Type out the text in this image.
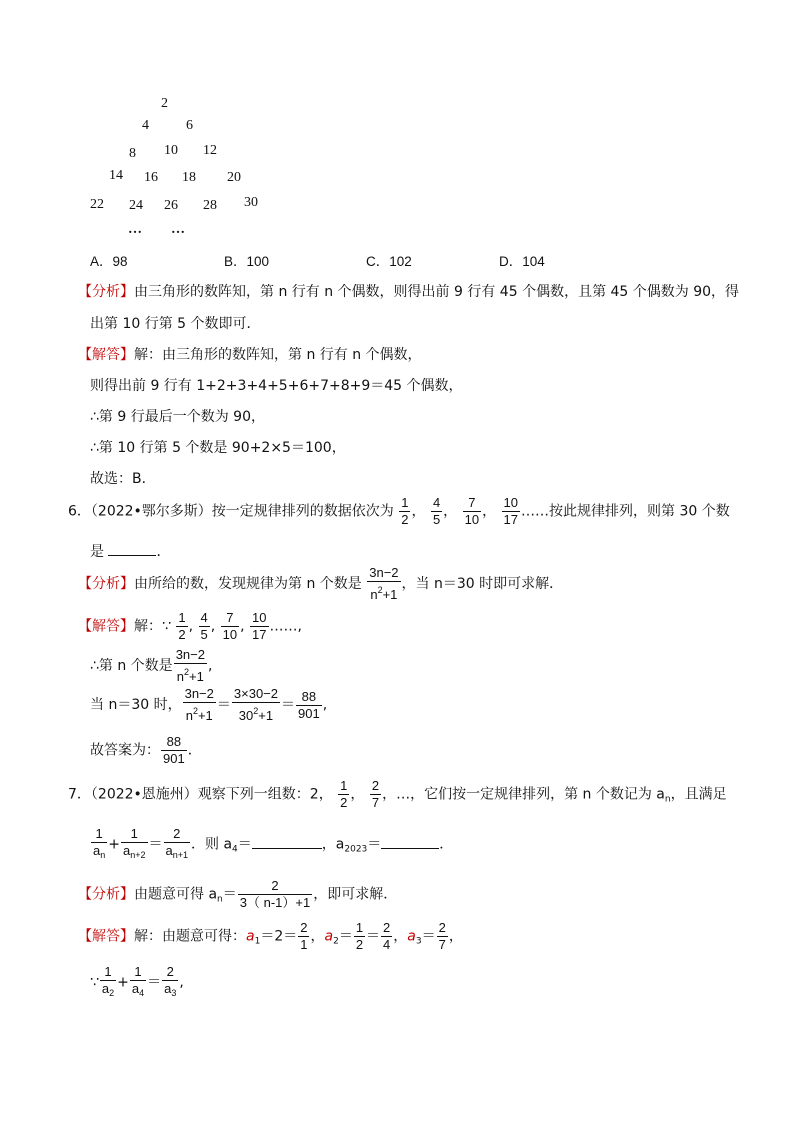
2
4	6
8 10 12
14 16 18 20
22 24 26 28 30
… …
A．98	B．100	C．102	D．104
【分析】由三角形的数阵知，第 n 行有 n 个偶数，则得出前 9 行有 45 个偶数，且第 45 个偶数为 90，得
出第 10 行第 5 个数即可．
【解答】解：由三角形的数阵知，第 n 行有 n 个偶数，
则得出前 9 行有 1+2+3+4+5+6+7+8+9＝45 个偶数，
∴第 9 行最后一个数为 90，
∴第 10 行第 5 个数是 90+2×5＝100，
故选：B．
6．（2022•鄂尔多斯）按一定规律排列的数据依次为 $\frac{1}{2}$ ， $\frac{4}{5}$ ， $\frac{7}{10}$ ， $\frac{10}{17}$ ……按此规律排列，则第 30 个数
是	．
【分析】由所给的数，发现规律为第 n 个数是 $\frac{3n-2}{n^2+1}$ ，当 n＝30 时即可求解．
【解答】解：∵ $\frac{1}{2}$ , $\frac{4}{5}$ , $\frac{7}{10}$ , $\frac{10}{17}$ ……,
∴第 n 个数是 $\frac{3n-2}{n^2+1}$ ,
当 n＝30 时， $\frac{3n-2}{n^2+1} = \frac{3\times 30-2}{30^2+1} = \frac{88}{901}$ ,
故答案为： $\frac{88}{901}$ ．
7．（2022•恩施州）观察下列一组数：2， $\frac{1}{2}$ ， $\frac{2}{7}$ ，…，它们按一定规律排列，第 n 个数记为 $a_n$，且满足
$\frac{1}{a_n} + \frac{1}{a_{n+2}} = \frac{2}{a_{n+1}}$ ．则 $a_4=$	，$a_{2023}=$	．
【分析】由题意可得 $a_n= \frac{2}{3( n-1)+1}$ ，即可求解．
【解答】解：由题意可得：$a_1=2= \frac{2}{1}$ ，$a_2= \frac{1}{2} = \frac{2}{4}$ ，$a_3= \frac{2}{7}$ ，
∵ $\frac{1}{a_2} + \frac{1}{a_4} = \frac{2}{a_3}$ ,
